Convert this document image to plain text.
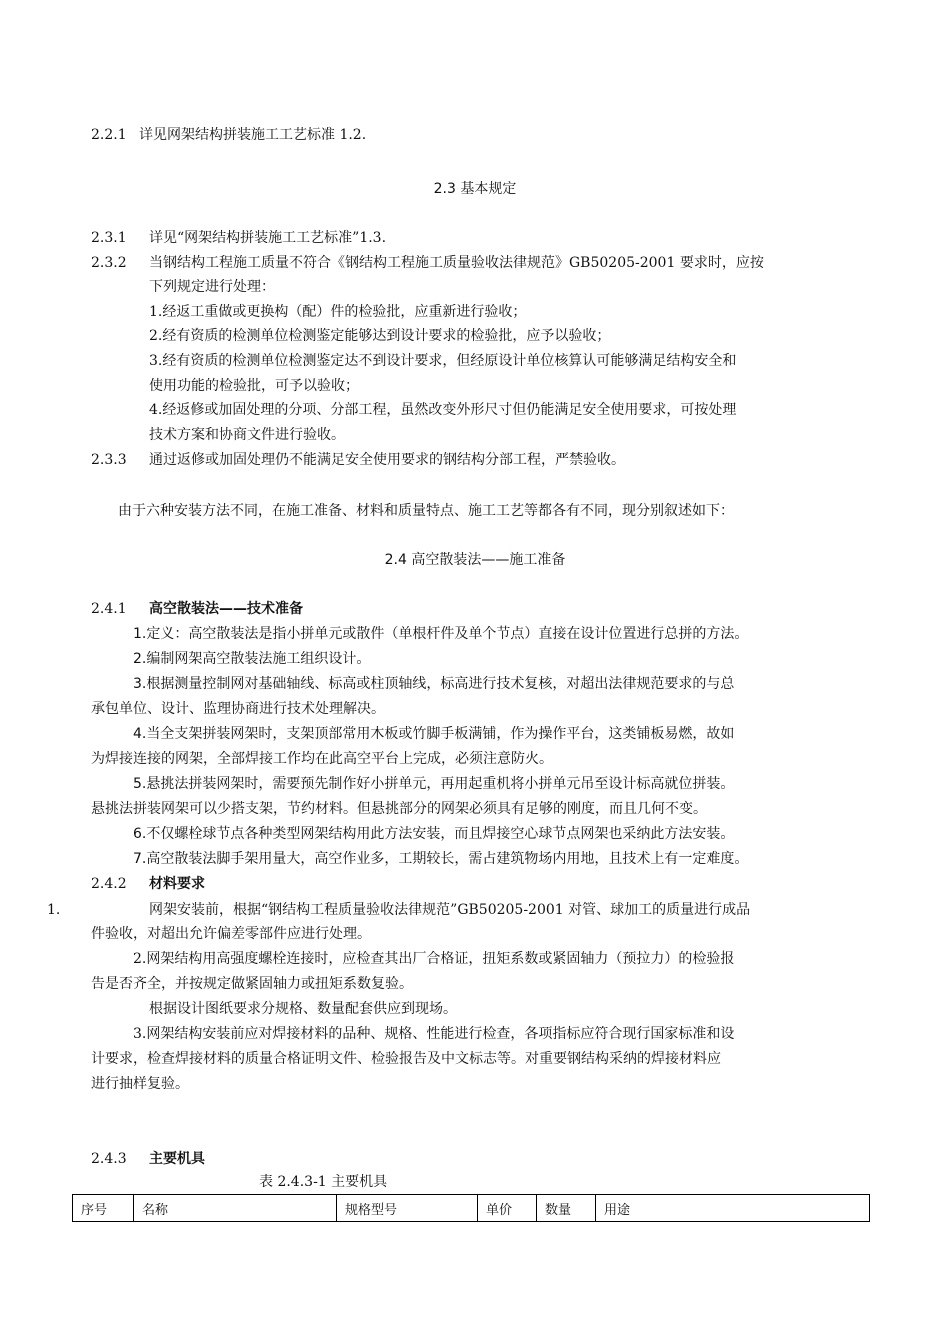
2.2.1 详见网架结构拼装施工工艺标准 1.2.
2.3 基本规定
2.3.1 详见“网架结构拼装施工工艺标准”1.3.
2.3.2 当钢结构工程施工质量不符合《钢结构工程施工质量验收法律规范》GB50205-2001 要求时，应按
下列规定进行处理：
1.经返工重做或更换构（配）件的检验批，应重新进行验收；
2.经有资质的检测单位检测鉴定能够达到设计要求的检验批，应予以验收；
3.经有资质的检测单位检测鉴定达不到设计要求，但经原设计单位核算认可能够满足结构安全和
使用功能的检验批，可予以验收；
4.经返修或加固处理的分项、分部工程，虽然改变外形尺寸但仍能满足安全使用要求，可按处理
技术方案和协商文件进行验收。
2.3.3 通过返修或加固处理仍不能满足安全使用要求的钢结构分部工程，严禁验收。
由于六种安装方法不同，在施工准备、材料和质量特点、施工工艺等都各有不同，现分别叙述如下：
2.4 高空散装法——施工准备
2.4.1 高空散装法——技术准备
1.定义：高空散装法是指小拼单元或散件（单根杆件及单个节点）直接在设计位置进行总拼的方法。
2.编制网架高空散装法施工组织设计。
3.根据测量控制网对基础轴线、标高或柱顶轴线，标高进行技术复核，对超出法律规范要求的与总
承包单位、设计、监理协商进行技术处理解决。
4.当全支架拼装网架时，支架顶部常用木板或竹脚手板满铺，作为操作平台，这类铺板易燃，故如
为焊接连接的网架，全部焊接工作均在此高空平台上完成，必须注意防火。
5.悬挑法拼装网架时，需要预先制作好小拼单元，再用起重机将小拼单元吊至设计标高就位拼装。
悬挑法拼装网架可以少搭支架，节约材料。但悬挑部分的网架必须具有足够的刚度，而且几何不变。
6.不仅螺栓球节点各种类型网架结构用此方法安装，而且焊接空心球节点网架也采纳此方法安装。
7.高空散装法脚手架用量大，高空作业多，工期较长，需占建筑物场内用地，且技术上有一定难度。
2.4.2 材料要求
1.	网架安装前，根据“钢结构工程质量验收法律规范”GB50205-2001 对管、球加工的质量进行成品
件验收，对超出允许偏差零部件应进行处理。
2.网架结构用高强度螺栓连接时，应检查其出厂合格证，扭矩系数或紧固轴力（预拉力）的检验报
告是否齐全，并按规定做紧固轴力或扭矩系数复验。
根据设计图纸要求分规格、数量配套供应到现场。
3.网架结构安装前应对焊接材料的品种、规格、性能进行检查，各项指标应符合现行国家标准和设
计要求，检查焊接材料的质量合格证明文件、检验报告及中文标志等。对重要钢结构采纳的焊接材料应
进行抽样复验。
2.4.3 主要机具
表 2.4.3-1 主要机具
序号	名称	规格型号	单价	数量	用途
